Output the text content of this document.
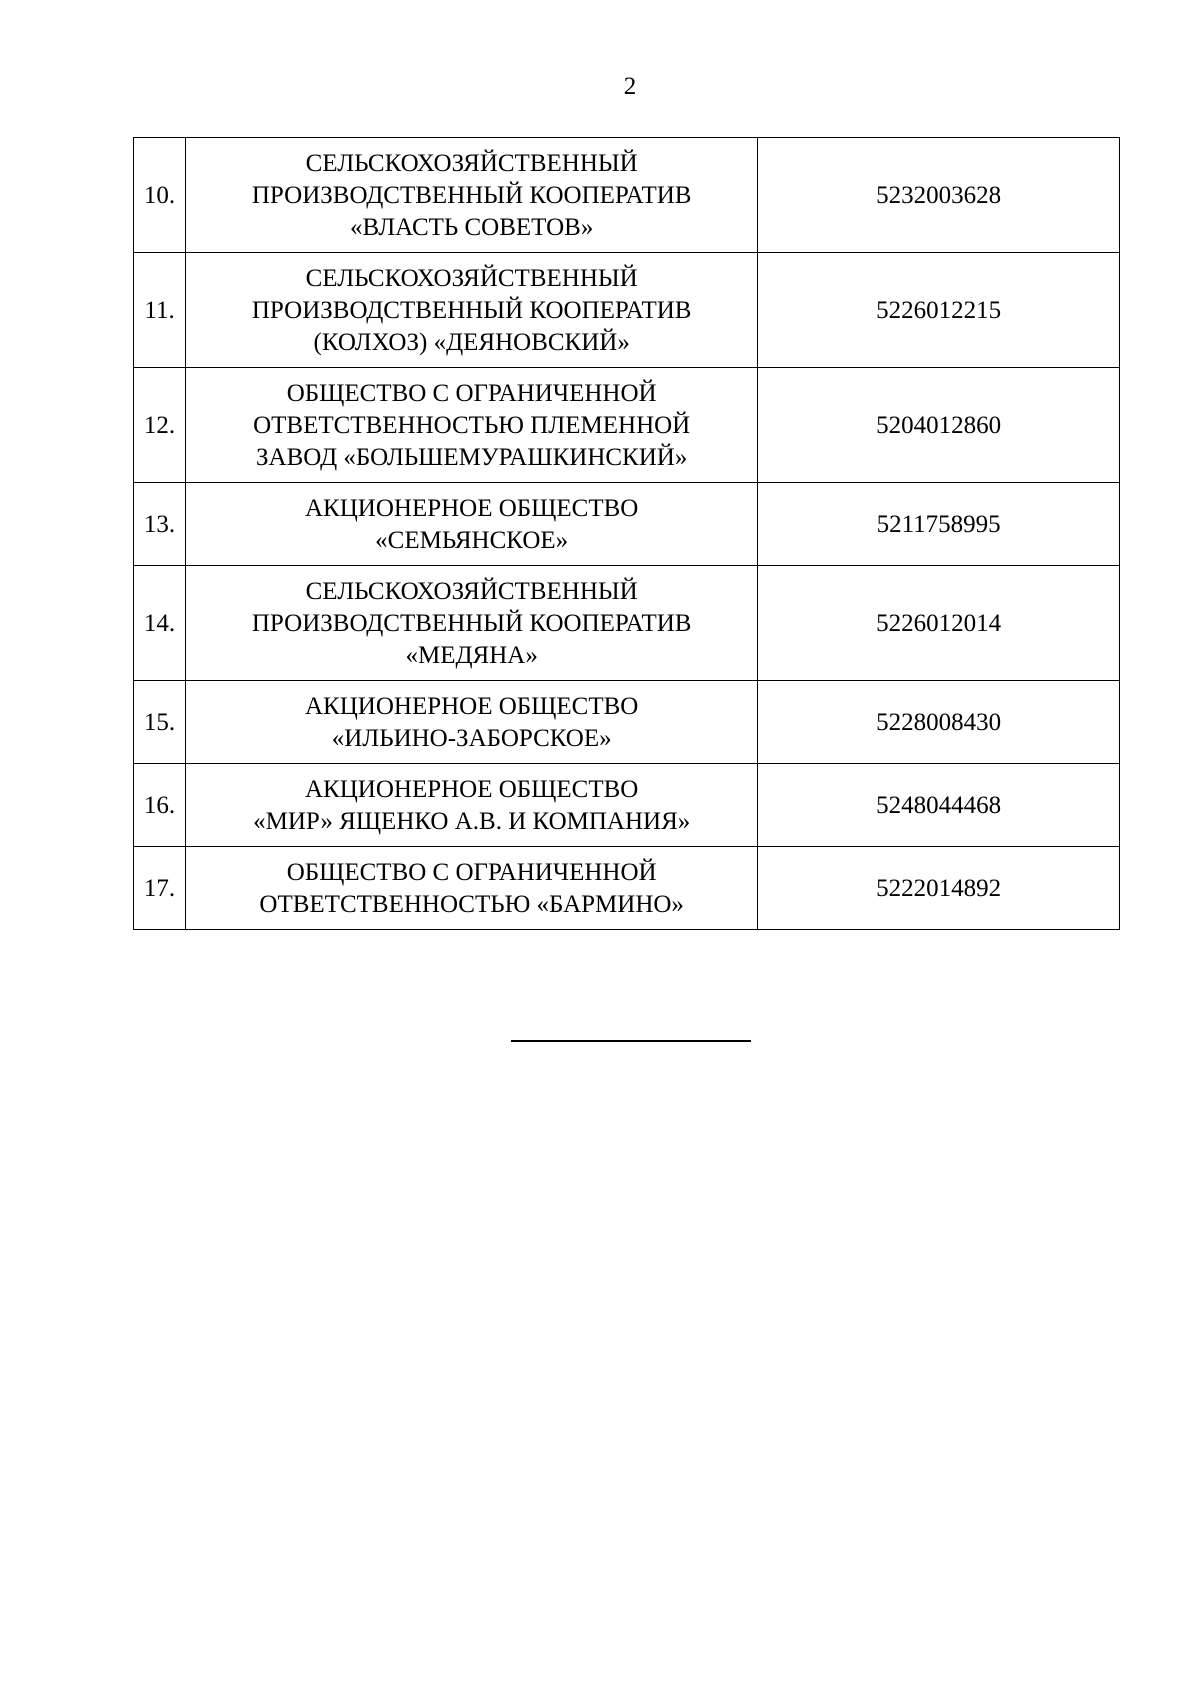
2
10.	СЕЛЬСКОХОЗЯЙСТВЕННЫЙ
ПРОИЗВОДСТВЕННЫЙ КООПЕРАТИВ
«ВЛАСТЬ СОВЕТОВ»	5232003628
11.	СЕЛЬСКОХОЗЯЙСТВЕННЫЙ
ПРОИЗВОДСТВЕННЫЙ КООПЕРАТИВ
(КОЛХОЗ) «ДЕЯНОВСКИЙ»	5226012215
12.	ОБЩЕСТВО С ОГРАНИЧЕННОЙ
ОТВЕТСТВЕННОСТЬЮ ПЛЕМЕННОЙ
ЗАВОД «БОЛЬШЕМУРАШКИНСКИЙ»	5204012860
13.	АКЦИОНЕРНОЕ ОБЩЕСТВО
«СЕМЬЯНСКОЕ»	5211758995
14.	СЕЛЬСКОХОЗЯЙСТВЕННЫЙ
ПРОИЗВОДСТВЕННЫЙ КООПЕРАТИВ
«МЕДЯНА»	5226012014
15.	АКЦИОНЕРНОЕ ОБЩЕСТВО
«ИЛЬИНО-ЗАБОРСКОЕ»	5228008430
16.	АКЦИОНЕРНОЕ ОБЩЕСТВО
«МИР» ЯЩЕНКО А.В. И КОМПАНИЯ»	5248044468
17.	ОБЩЕСТВО С ОГРАНИЧЕННОЙ
ОТВЕТСТВЕННОСТЬЮ «БАРМИНО»	5222014892
